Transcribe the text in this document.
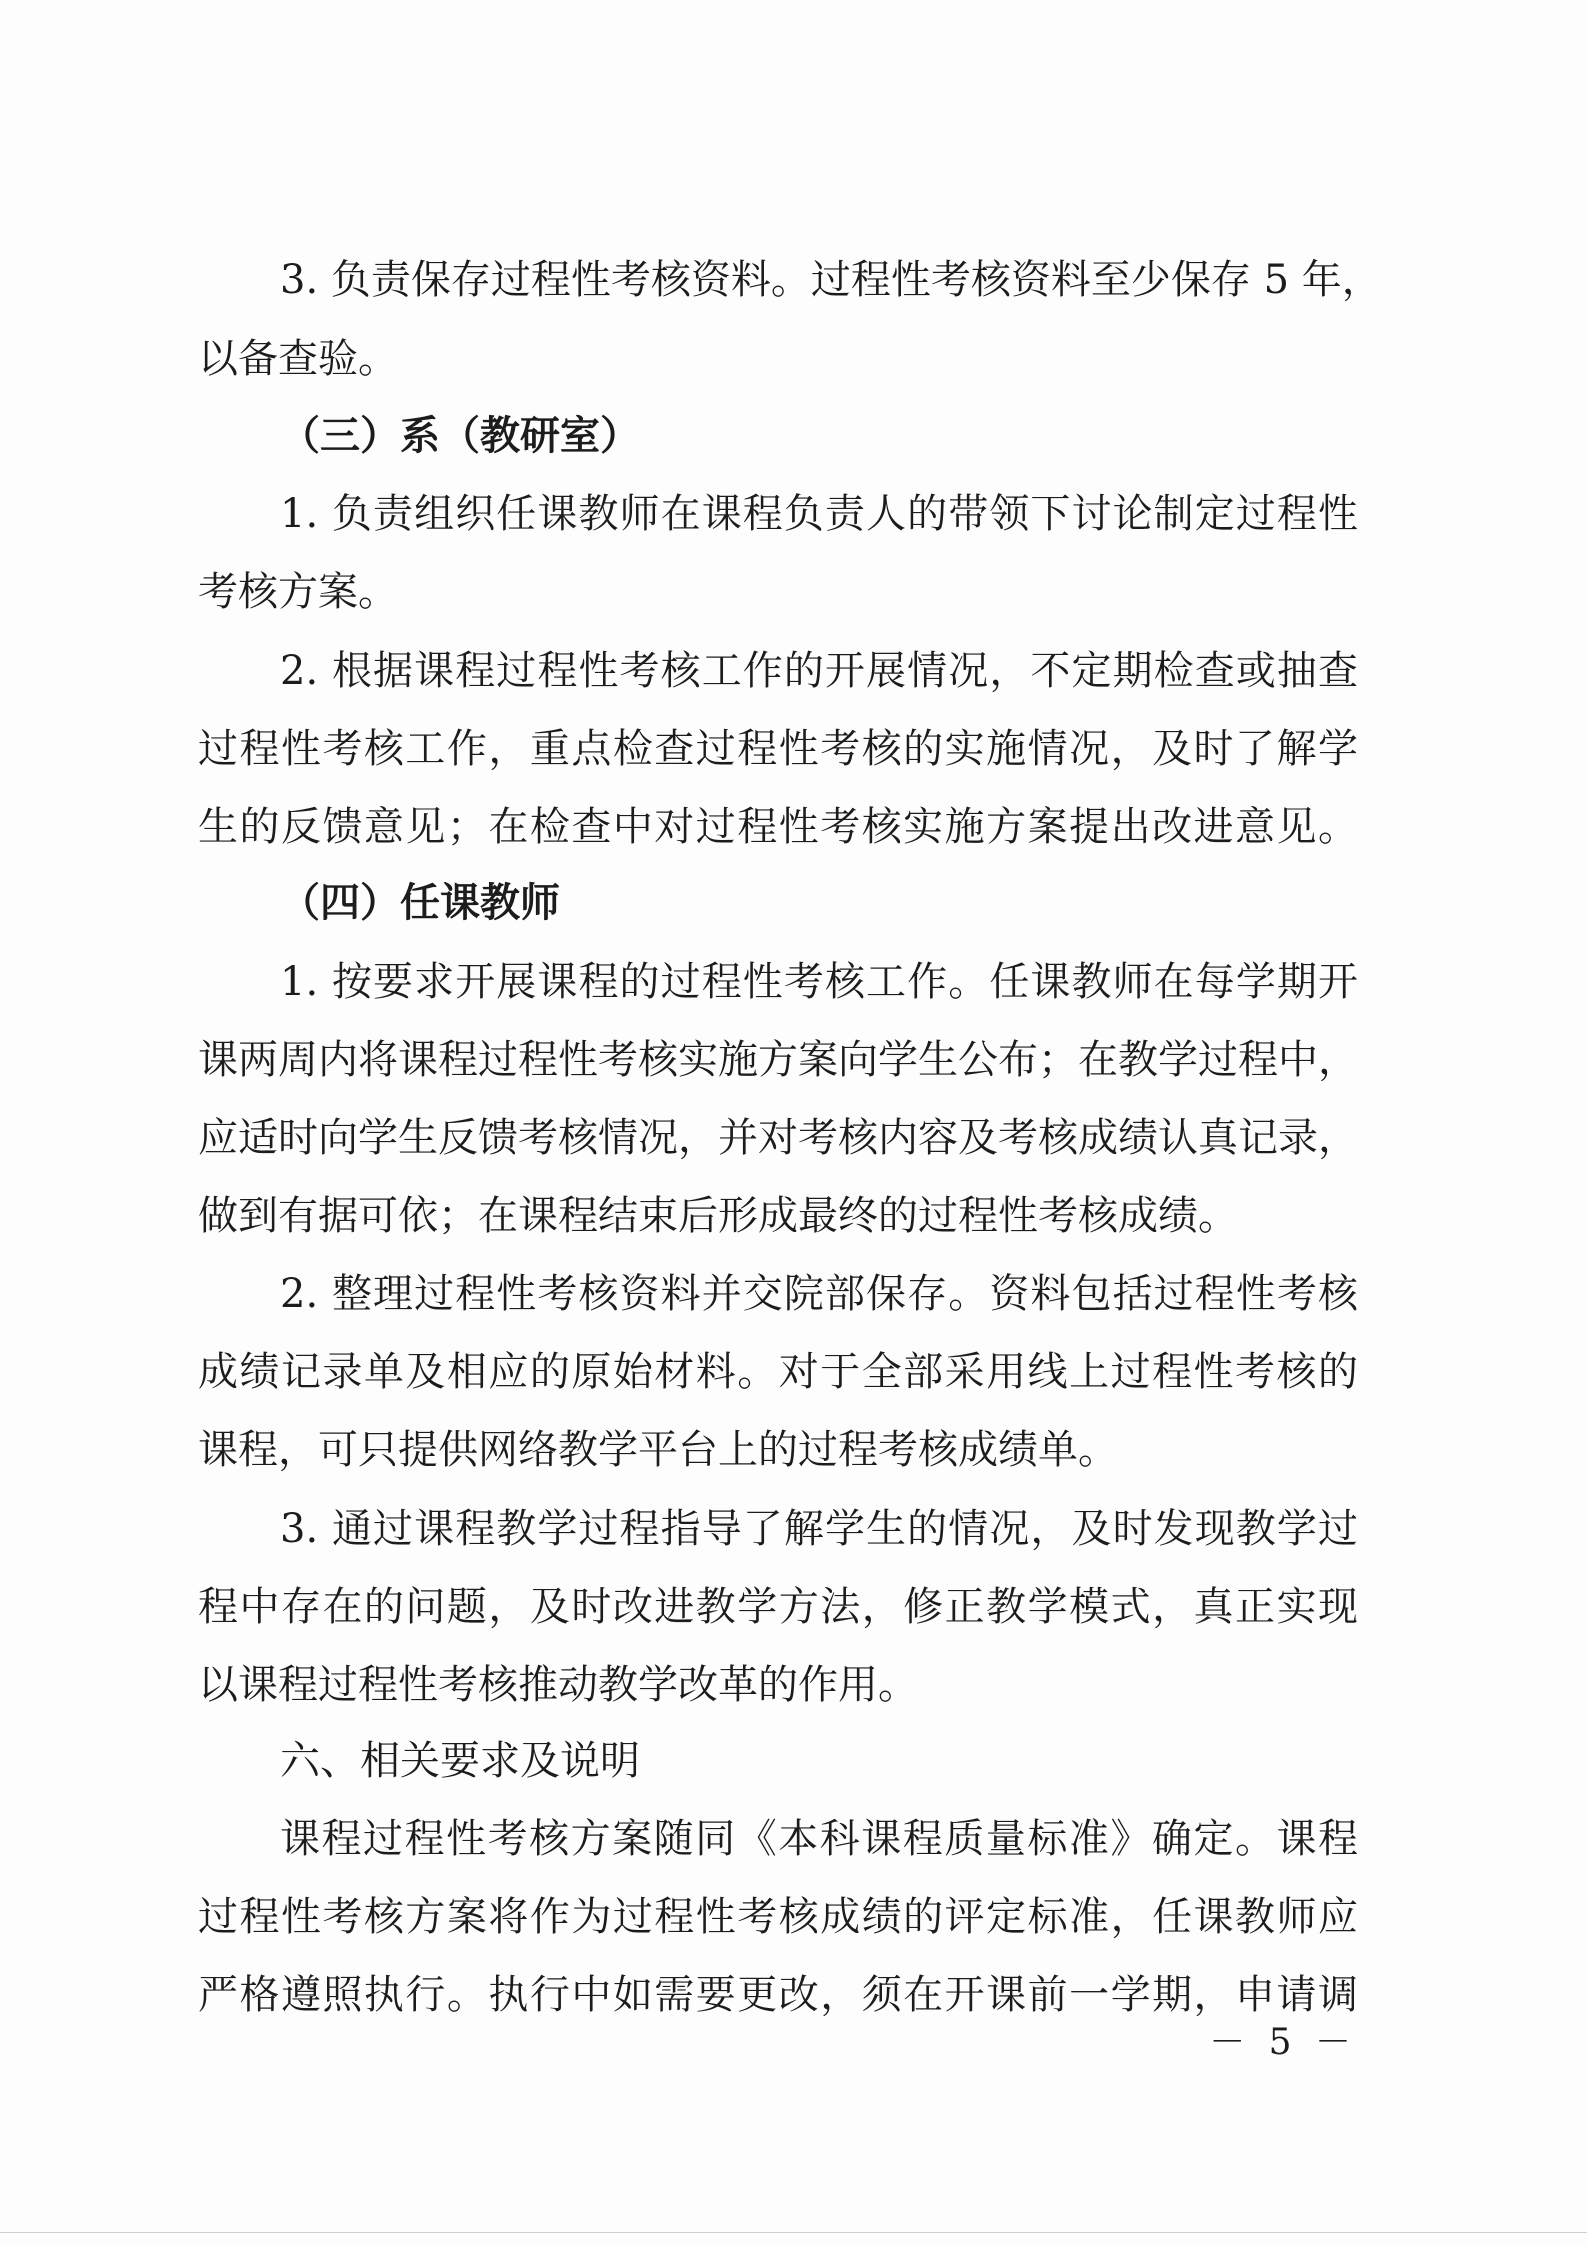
3. 负责保存过程性考核资料。过程性考核资料至少保存 5 年，
以备查验。
（三）系（教研室）
1. 负责组织任课教师在课程负责人的带领下讨论制定过程性
考核方案。
2. 根据课程过程性考核工作的开展情况，不定期检查或抽查
过程性考核工作，重点检查过程性考核的实施情况，及时了解学
生的反馈意见；在检查中对过程性考核实施方案提出改进意见。
（四）任课教师
1. 按要求开展课程的过程性考核工作。任课教师在每学期开
课两周内将课程过程性考核实施方案向学生公布；在教学过程中，
应适时向学生反馈考核情况，并对考核内容及考核成绩认真记录，
做到有据可依；在课程结束后形成最终的过程性考核成绩。
2. 整理过程性考核资料并交院部保存。资料包括过程性考核
成绩记录单及相应的原始材料。对于全部采用线上过程性考核的
课程，可只提供网络教学平台上的过程考核成绩单。
3. 通过课程教学过程指导了解学生的情况，及时发现教学过
程中存在的问题，及时改进教学方法，修正教学模式，真正实现
以课程过程性考核推动教学改革的作用。
六、相关要求及说明
课程过程性考核方案随同《本科课程质量标准》确定。课程
过程性考核方案将作为过程性考核成绩的评定标准，任课教师应
严格遵照执行。执行中如需要更改，须在开课前一学期，申请调
－ 5 －
